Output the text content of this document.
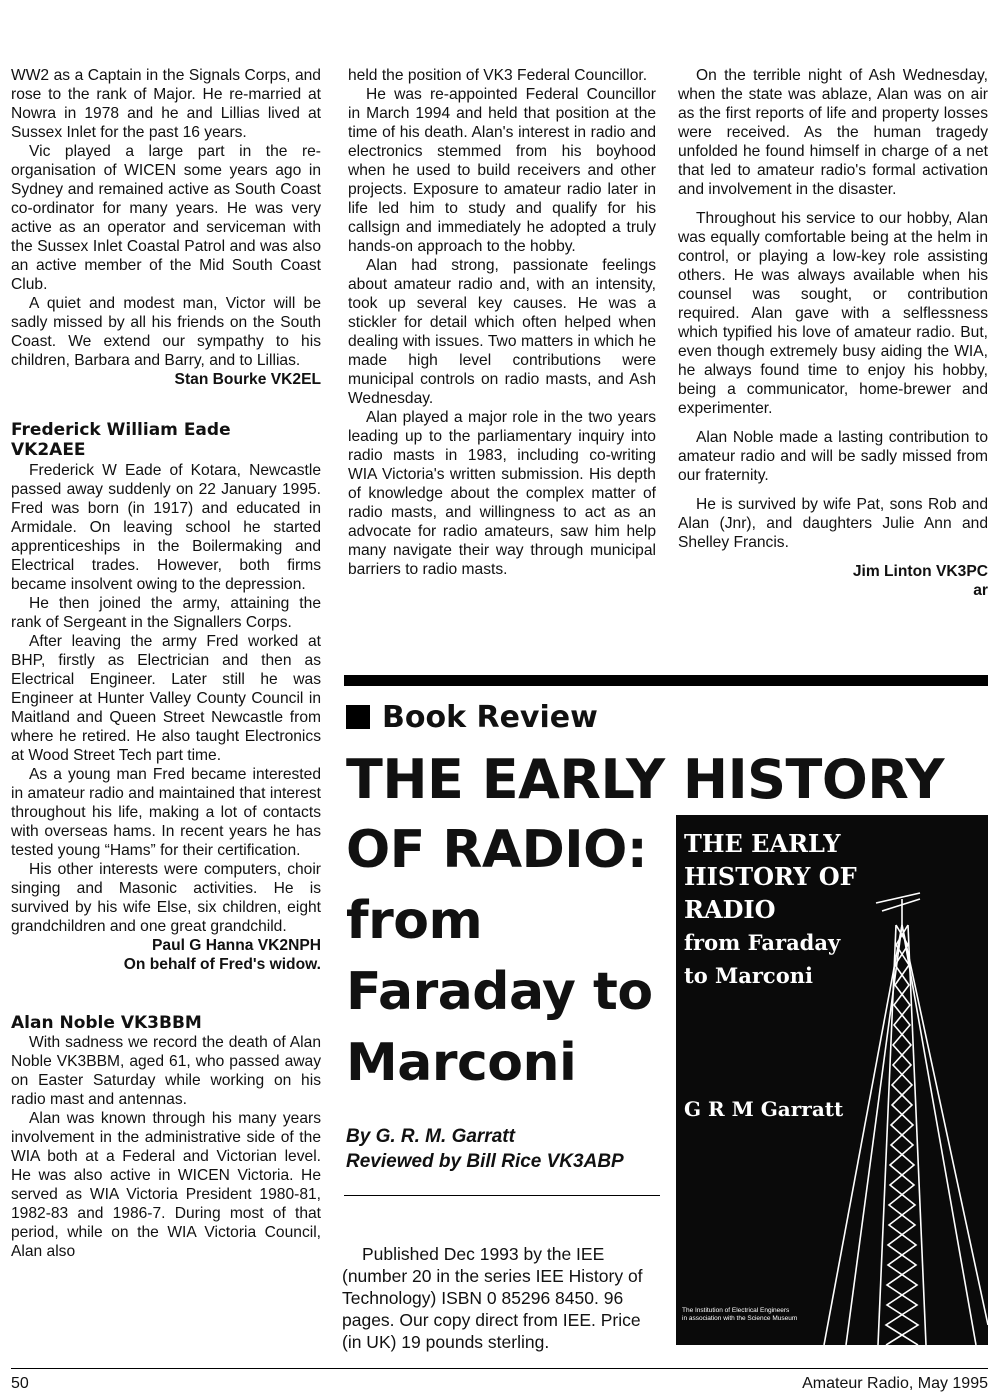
WW2 as a Captain in the Signals Corps, and rose to the rank of Major. He re-married at Nowra in 1978 and he and Lillias lived at Sussex Inlet for the past 16 years.

Vic played a large part in the re-organisation of WICEN some years ago in Sydney and remained active as South Coast co-ordinator for many years. He was very active as an operator and serviceman with the Sussex Inlet Coastal Patrol and was also an active member of the Mid South Coast Club.

A quiet and modest man, Victor will be sadly missed by all his friends on the South Coast. We extend our sympathy to his children, Barbara and Barry, and to Lillias.

Stan Bourke VK2EL

Frederick William Eade VK2AEE

Frederick W Eade of Kotara, Newcastle passed away suddenly on 22 January 1995. Fred was born (in 1917) and educated in Armidale. On leaving school he started apprenticeships in the Boilermaking and Electrical trades. However, both firms became insolvent owing to the depression.

He then joined the army, attaining the rank of Sergeant in the Signallers Corps.

After leaving the army Fred worked at BHP, firstly as Electrician and then as Electrical Engineer. Later still he was Engineer at Hunter Valley County Council in Maitland and Queen Street Newcastle from where he retired. He also taught Electronics at Wood Street Tech part time.

As a young man Fred became interested in amateur radio and maintained that interest throughout his life, making a lot of contacts with overseas hams. In recent years he has tested young “Hams” for their certification.

His other interests were computers, choir singing and Masonic activities. He is survived by his wife Else, six children, eight grandchildren and one great grandchild.

Paul G Hanna VK2NPH

On behalf of Fred's widow.

Alan Noble VK3BBM

With sadness we record the death of Alan Noble VK3BBM, aged 61, who passed away on Easter Saturday while working on his radio mast and antennas.

Alan was known through his many years involvement in the administrative side of the WIA both at a Federal and Victorian level. He was also active in WICEN Victoria. He served as WIA Victoria President 1980-81, 1982-83 and 1986-7. During most of that period, while on the WIA Victoria Council, Alan also

held the position of VK3 Federal Councillor.

He was re-appointed Federal Councillor in March 1994 and held that position at the time of his death. Alan's interest in radio and electronics stemmed from his boyhood when he used to build receivers and other projects. Exposure to amateur radio later in life led him to study and qualify for his callsign and immediately he adopted a truly hands-on approach to the hobby.

Alan had strong, passionate feelings about amateur radio and, with an intensity, took up several key causes. He was a stickler for detail which often helped when dealing with issues. Two matters in which he made high level contributions were municipal controls on radio masts, and Ash Wednesday.

Alan played a major role in the two years leading up to the parliamentary inquiry into radio masts in 1983, including co-writing WIA Victoria's written submission. His depth of knowledge about the complex matter of radio masts, and willingness to act as an advocate for radio amateurs, saw him help many navigate their way through municipal barriers to radio masts.

On the terrible night of Ash Wednesday, when the state was ablaze, Alan was on air as the first reports of life and property losses were received. As the human tragedy unfolded he found himself in charge of a net that led to amateur radio's formal activation and involvement in the disaster.

Throughout his service to our hobby, Alan was equally comfortable being at the helm in control, or playing a low-key role assisting others. He was always available when his counsel was sought, or contribution required. Alan gave with a selflessness which typified his love of amateur radio. But, even though extremely busy aiding the WIA, he always found time to enjoy his hobby, being a communicator, home-brewer and experimenter.

Alan Noble made a lasting contribution to amateur radio and will be sadly missed from our fraternity.

He is survived by wife Pat, sons Rob and Alan (Jnr), and daughters Julie Ann and Shelley Francis.

Jim Linton VK3PC

ar

Book Review
THE EARLY HISTORY
OF RADIO:
from
Faraday to
Marconi
By G. R. M. Garratt
Reviewed by Bill Rice VK3ABP

Published Dec 1993 by the IEE (number 20 in the series IEE History of Technology) ISBN 0 85296 8450. 96 pages. Our copy direct from IEE. Price (in UK) 19 pounds sterling.

THE EARLY
HISTORY OF
RADIO
from Faraday
to Marconi
G R M Garratt
The Institution of Electrical Engineers
in association with the Science Museum
50	Amateur Radio, May 1995
